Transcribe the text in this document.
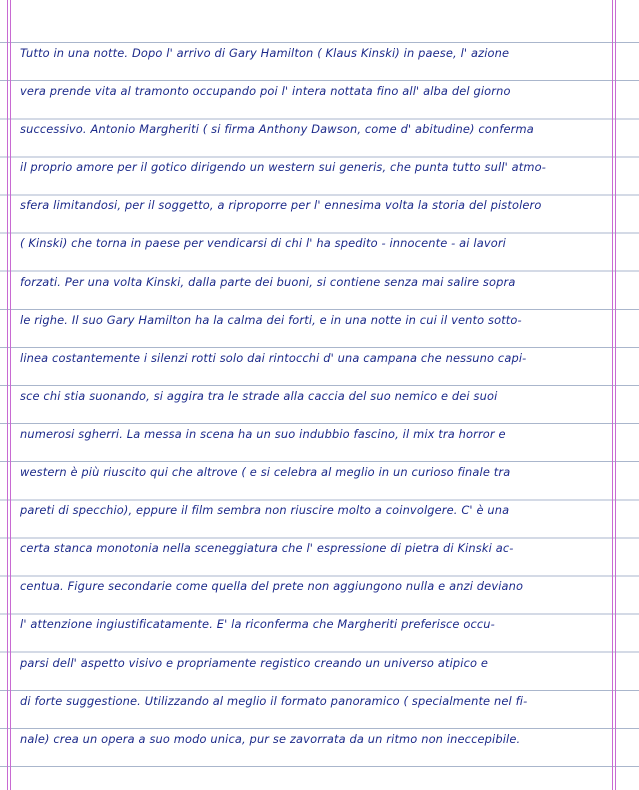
Tutto in una notte. Dopo l' arrivo di Gary Hamilton ( Klaus Kinski) in paese, l' azione
vera prende vita al tramonto occupando poi l' intera nottata fino all' alba del giorno
successivo. Antonio Margheriti ( si firma Anthony Dawson, come d' abitudine) conferma
il proprio amore per il gotico dirigendo un western sui generis, che punta tutto sull' atmo-
sfera limitandosi, per il soggetto, a riproporre per l' ennesima volta la storia del pistolero
( Kinski) che torna in paese per vendicarsi di chi l' ha spedito - innocente - ai lavori
forzati. Per una volta Kinski, dalla parte dei buoni, si contiene senza mai salire sopra
le righe. Il suo Gary Hamilton ha la calma dei forti, e in una notte in cui il vento sotto-
linea costantemente i silenzi rotti solo dai rintocchi d' una campana che nessuno capi-
sce chi stia suonando, si aggira tra le strade alla caccia del suo nemico e dei suoi
numerosi sgherri. La messa in scena ha un suo indubbio fascino, il mix tra horror e
western è più riuscito qui che altrove ( e si celebra al meglio in un curioso finale tra
pareti di specchio), eppure il film sembra non riuscire molto a coinvolgere. C' è una
certa stanca monotonia nella sceneggiatura che l' espressione di pietra di Kinski ac-
centua. Figure secondarie come quella del prete non aggiungono nulla e anzi deviano
l' attenzione ingiustificatamente. E' la riconferma che Margheriti preferisce occu-
parsi dell' aspetto visivo e propriamente registico creando un universo atipico e
di forte suggestione. Utilizzando al meglio il formato panoramico ( specialmente nel fi-
nale) crea un opera a suo modo unica, pur se zavorrata da un ritmo non ineccepibile.
